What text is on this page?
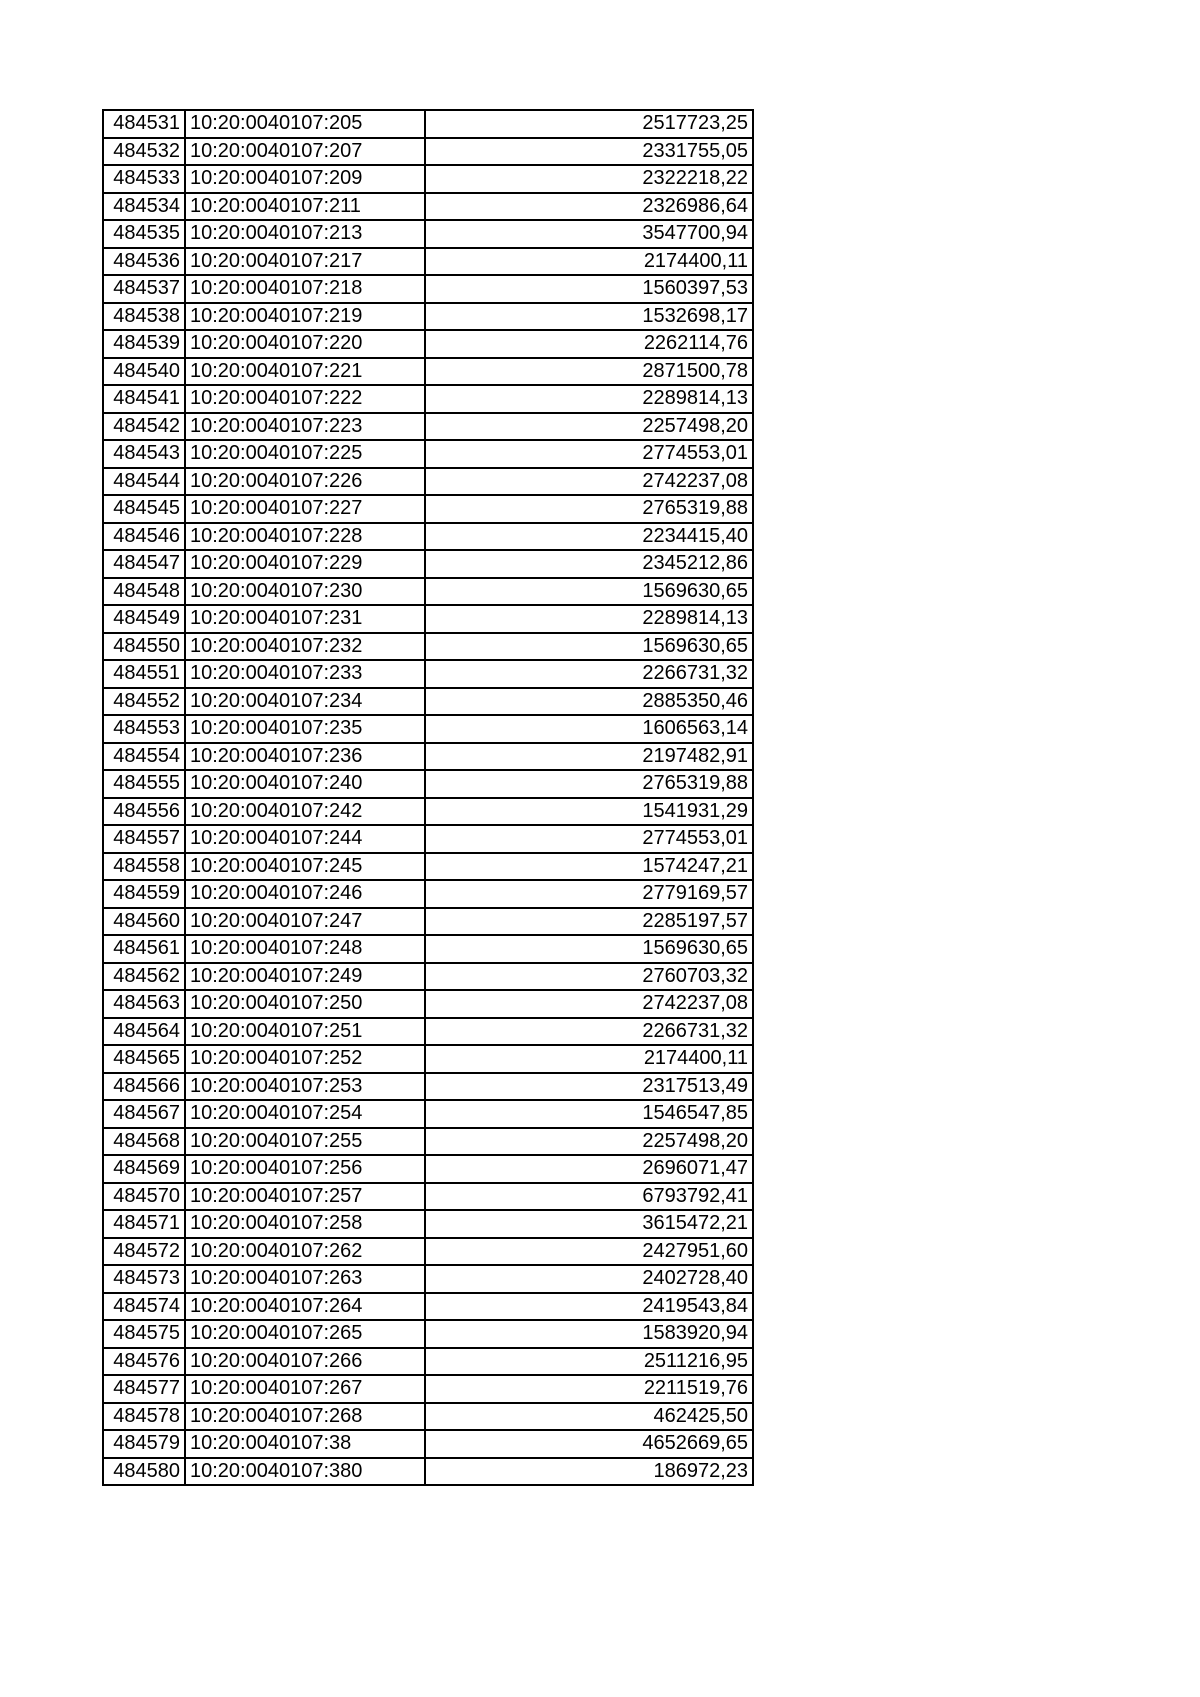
484531	10:20:0040107:205	2517723,25
484532	10:20:0040107:207	2331755,05
484533	10:20:0040107:209	2322218,22
484534	10:20:0040107:211	2326986,64
484535	10:20:0040107:213	3547700,94
484536	10:20:0040107:217	2174400,11
484537	10:20:0040107:218	1560397,53
484538	10:20:0040107:219	1532698,17
484539	10:20:0040107:220	2262114,76
484540	10:20:0040107:221	2871500,78
484541	10:20:0040107:222	2289814,13
484542	10:20:0040107:223	2257498,20
484543	10:20:0040107:225	2774553,01
484544	10:20:0040107:226	2742237,08
484545	10:20:0040107:227	2765319,88
484546	10:20:0040107:228	2234415,40
484547	10:20:0040107:229	2345212,86
484548	10:20:0040107:230	1569630,65
484549	10:20:0040107:231	2289814,13
484550	10:20:0040107:232	1569630,65
484551	10:20:0040107:233	2266731,32
484552	10:20:0040107:234	2885350,46
484553	10:20:0040107:235	1606563,14
484554	10:20:0040107:236	2197482,91
484555	10:20:0040107:240	2765319,88
484556	10:20:0040107:242	1541931,29
484557	10:20:0040107:244	2774553,01
484558	10:20:0040107:245	1574247,21
484559	10:20:0040107:246	2779169,57
484560	10:20:0040107:247	2285197,57
484561	10:20:0040107:248	1569630,65
484562	10:20:0040107:249	2760703,32
484563	10:20:0040107:250	2742237,08
484564	10:20:0040107:251	2266731,32
484565	10:20:0040107:252	2174400,11
484566	10:20:0040107:253	2317513,49
484567	10:20:0040107:254	1546547,85
484568	10:20:0040107:255	2257498,20
484569	10:20:0040107:256	2696071,47
484570	10:20:0040107:257	6793792,41
484571	10:20:0040107:258	3615472,21
484572	10:20:0040107:262	2427951,60
484573	10:20:0040107:263	2402728,40
484574	10:20:0040107:264	2419543,84
484575	10:20:0040107:265	1583920,94
484576	10:20:0040107:266	2511216,95
484577	10:20:0040107:267	2211519,76
484578	10:20:0040107:268	462425,50
484579	10:20:0040107:38	4652669,65
484580	10:20:0040107:380	186972,23
